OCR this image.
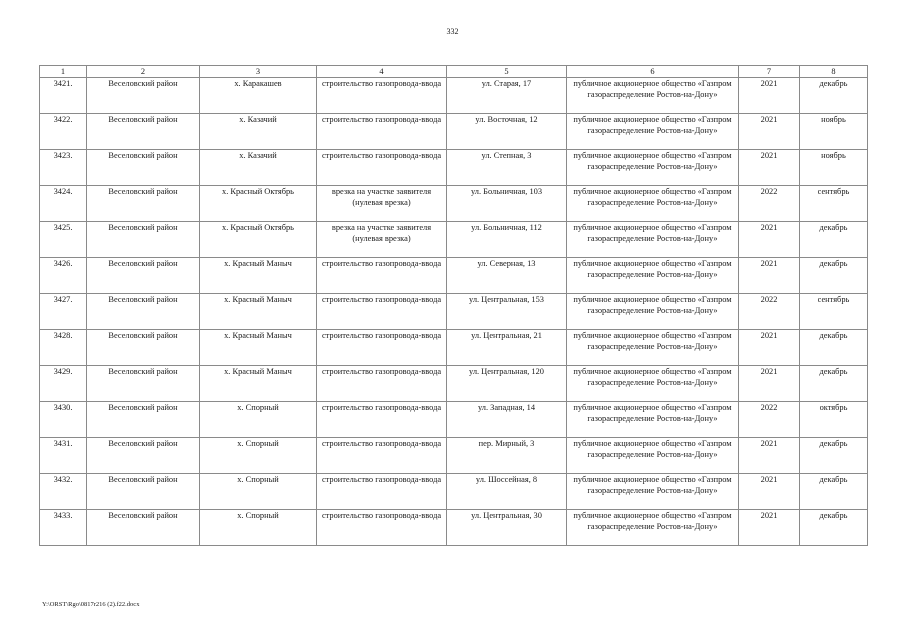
332
1	2	3	4	5	6	7	8
3421.	Веселовский район	х. Каракашев	строительство газопровода-ввода	ул. Старая, 17	публичное акционерное общество «Газпром газораспределение Ростов-на-Дону»	2021	декабрь
3422.	Веселовский район	х. Казачий	строительство газопровода-ввода	ул. Восточная, 12	публичное акционерное общество «Газпром газораспределение Ростов-на-Дону»	2021	ноябрь
3423.	Веселовский район	х. Казачий	строительство газопровода-ввода	ул. Степная, 3	публичное акционерное общество «Газпром газораспределение Ростов-на-Дону»	2021	ноябрь
3424.	Веселовский район	х. Красный Октябрь	врезка на участке заявителя (нулевая врезка)	ул. Больничная, 103	публичное акционерное общество «Газпром газораспределение Ростов-на-Дону»	2022	сентябрь
3425.	Веселовский район	х. Красный Октябрь	врезка на участке заявителя (нулевая врезка)	ул. Больничная, 112	публичное акционерное общество «Газпром газораспределение Ростов-на-Дону»	2021	декабрь
3426.	Веселовский район	х. Красный Маныч	строительство газопровода-ввода	ул. Северная, 13	публичное акционерное общество «Газпром газораспределение Ростов-на-Дону»	2021	декабрь
3427.	Веселовский район	х. Красный Маныч	строительство газопровода-ввода	ул. Центральная, 153	публичное акционерное общество «Газпром газораспределение Ростов-на-Дону»	2022	сентябрь
3428.	Веселовский район	х. Красный Маныч	строительство газопровода-ввода	ул. Центральная, 21	публичное акционерное общество «Газпром газораспределение Ростов-на-Дону»	2021	декабрь
3429.	Веселовский район	х. Красный Маныч	строительство газопровода-ввода	ул. Центральная, 120	публичное акционерное общество «Газпром газораспределение Ростов-на-Дону»	2021	декабрь
3430.	Веселовский район	х. Спорный	строительство газопровода-ввода	ул. Западная, 14	публичное акционерное общество «Газпром газораспределение Ростов-на-Дону»	2022	октябрь
3431.	Веселовский район	х. Спорный	строительство газопровода-ввода	пер. Мирный, 3	публичное акционерное общество «Газпром газораспределение Ростов-на-Дону»	2021	декабрь
3432.	Веселовский район	х. Спорный	строительство газопровода-ввода	ул. Шоссейная, 8	публичное акционерное общество «Газпром газораспределение Ростов-на-Дону»	2021	декабрь
3433.	Веселовский район	х. Спорный	строительство газопровода-ввода	ул. Центральная, 30	публичное акционерное общество «Газпром газораспределение Ростов-на-Дону»	2021	декабрь
Y:\ORST\Rgo\0817r216 (2).f22.docx
